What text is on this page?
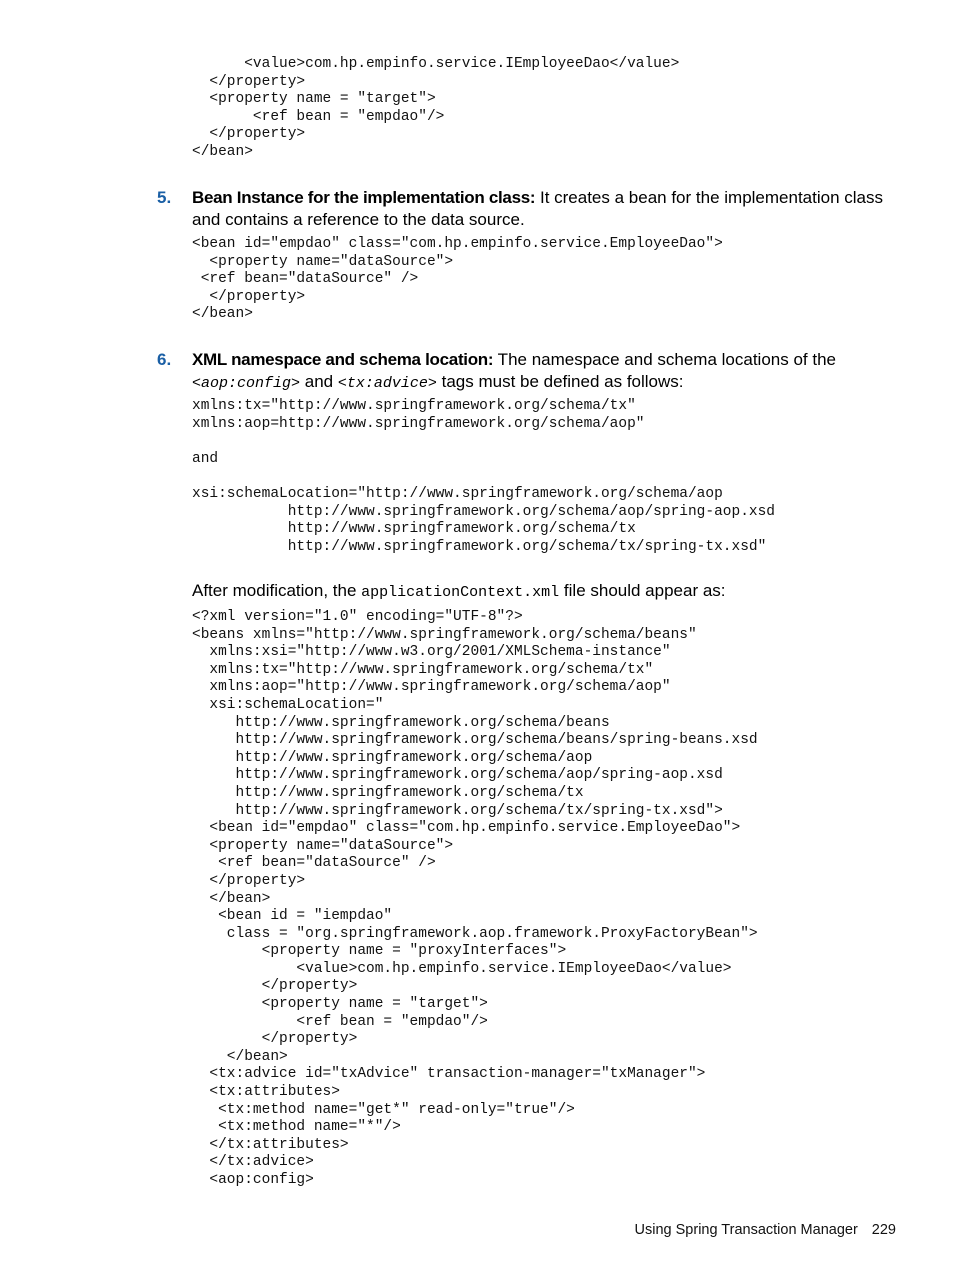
<value>com.hp.empinfo.service.IEmployeeDao</value>
</property>
<property name = "target">
<ref bean = "empdao"/>
</property>
</bean>
5. Bean Instance for the implementation class: It creates a bean for the implementation class and contains a reference to the data source.
<bean id="empdao" class="com.hp.empinfo.service.EmployeeDao">
<property name="dataSource">
<ref bean="dataSource" />
</property>
</bean>
6. XML namespace and schema location: The namespace and schema locations of the <aop:config> and <tx:advice> tags must be defined as follows:
xmlns:tx="http://www.springframework.org/schema/tx"
xmlns:aop=http://www.springframework.org/schema/aop"

and

xsi:schemaLocation="http://www.springframework.org/schema/aop
http://www.springframework.org/schema/aop/spring-aop.xsd
http://www.springframework.org/schema/tx
http://www.springframework.org/schema/tx/spring-tx.xsd"
After modification, the applicationContext.xml file should appear as:
<?xml version="1.0" encoding="UTF-8"?>
<beans xmlns="http://www.springframework.org/schema/beans"
xmlns:xsi="http://www.w3.org/2001/XMLSchema-instance"
xmlns:tx="http://www.springframework.org/schema/tx"
xmlns:aop="http://www.springframework.org/schema/aop"
xsi:schemaLocation="
http://www.springframework.org/schema/beans
http://www.springframework.org/schema/beans/spring-beans.xsd
http://www.springframework.org/schema/aop
http://www.springframework.org/schema/aop/spring-aop.xsd
http://www.springframework.org/schema/tx
http://www.springframework.org/schema/tx/spring-tx.xsd">
<bean id="empdao" class="com.hp.empinfo.service.EmployeeDao">
<property name="dataSource">
<ref bean="dataSource" />
</property>
</bean>
<bean id = "iempdao"
class = "org.springframework.aop.framework.ProxyFactoryBean">
<property name = "proxyInterfaces">
<value>com.hp.empinfo.service.IEmployeeDao</value>
</property>
<property name = "target">
<ref bean = "empdao"/>
</property>
</bean>
<tx:advice id="txAdvice" transaction-manager="txManager">
<tx:attributes>
<tx:method name="get*" read-only="true"/>
<tx:method name="*"/>
</tx:attributes>
</tx:advice>
<aop:config>
Using Spring Transaction Manager 229
